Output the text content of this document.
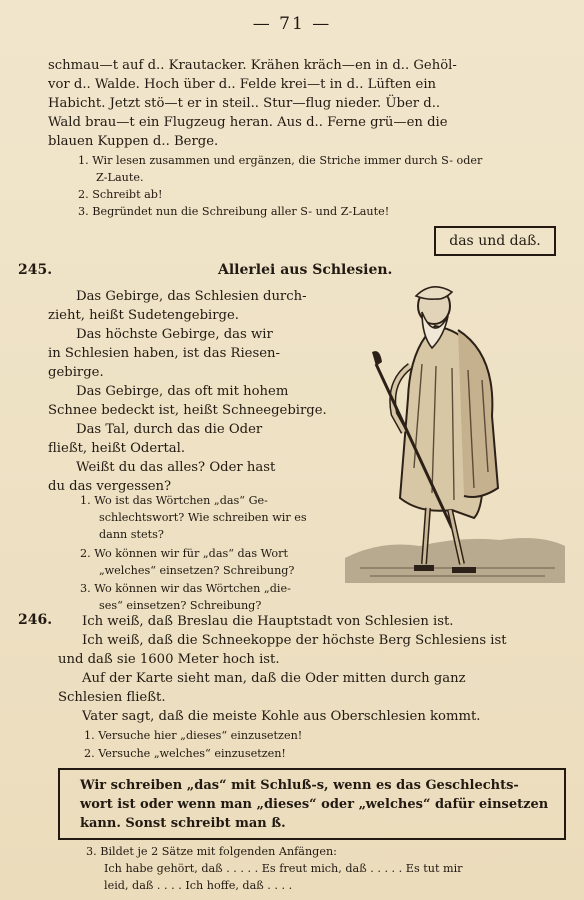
— 71 —
schmau—t auf d.. Krautacker. Krähen kräch—en in d.. Gehöl-
vor d.. Walde. Hoch über d.. Felde krei—t in d.. Lüften ein
Habicht. Jetzt stö—t er in steil.. Stur—flug nieder. Über d..
Wald brau—t ein Flugzeug heran. Aus d.. Ferne grü—en die
blauen Kuppen d.. Berge.
1. Wir lesen zusammen und ergänzen, die Striche immer durch S- oder
Z-Laute.
2. Schreibt ab!
3. Begründet nun die Schreibung aller S- und Z-Laute!
das und daß.
245.	Allerlei aus Schlesien.
Das Gebirge, das Schlesien durch-
zieht, heißt Sudetengebirge.
Das höchste Gebirge, das wir
in Schlesien haben, ist das Riesen-
gebirge.
Das Gebirge, das oft mit hohem
Schnee bedeckt ist, heißt Schneegebirge.
Das Tal, durch das die Oder
fließt, heißt Odertal.
Weißt du das alles? Oder hast
du das vergessen?
1. Wo ist das Wörtchen „das“ Ge-
schlechtswort? Wie schreiben wir es
dann stets?
2. Wo können wir für „das“ das Wort
„welches“ einsetzen? Schreibung?
3. Wo können wir das Wörtchen „die-
ses“ einsetzen? Schreibung?
246. Ich weiß, daß Breslau die Hauptstadt von Schlesien ist.
Ich weiß, daß die Schneekoppe der höchste Berg Schlesiens ist
und daß sie 1600 Meter hoch ist.
Auf der Karte sieht man, daß die Oder mitten durch ganz
Schlesien fließt.
Vater sagt, daß die meiste Kohle aus Oberschlesien kommt.
1. Versuche hier „dieses“ einzusetzen!
2. Versuche „welches“ einzusetzen!
Wir schreiben „das“ mit Schluß-s, wenn es das Geschlechts-
wort ist oder wenn man „dieses“ oder „welches“ dafür einsetzen
kann. Sonst schreibt man ß.
3. Bildet je 2 Sätze mit folgenden Anfängen:
Ich habe gehört, daß . . . . . Es freut mich, daß . . . . . Es tut mir
leid, daß . . . . Ich hoffe, daß . . . .
